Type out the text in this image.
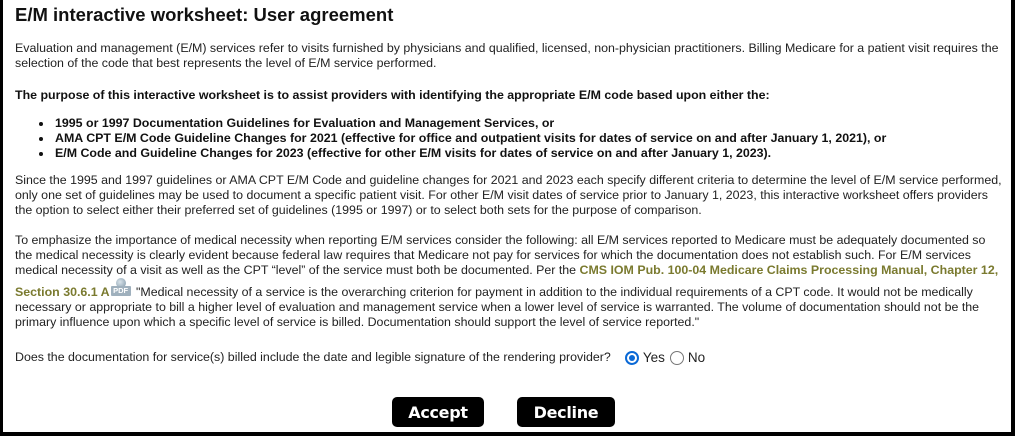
E/M interactive worksheet: User agreement

Evaluation and management (E/M) services refer to visits furnished by physicians and qualified, licensed, non-physician practitioners. Billing Medicare for a patient visit requires the selection of the code that best represents the level of E/M service performed.

The purpose of this interactive worksheet is to assist providers with identifying the appropriate E/M code based upon either the:

• 1995 or 1997 Documentation Guidelines for Evaluation and Management Services, or
• AMA CPT E/M Code Guideline Changes for 2021 (effective for office and outpatient visits for dates of service on and after January 1, 2021), or
• E/M Code and Guideline Changes for 2023 (effective for other E/M visits for dates of service on and after January 1, 2023).

Since the 1995 and 1997 guidelines or AMA CPT E/M Code and guideline changes for 2021 and 2023 each specify different criteria to determine the level of E/M service performed, only one set of guidelines may be used to document a specific patient visit. For other E/M visit dates of service prior to January 1, 2023, this interactive worksheet offers providers the option to select either their preferred set of guidelines (1995 or 1997) or to select both sets for the purpose of comparison.

To emphasize the importance of medical necessity when reporting E/M services consider the following: all E/M services reported to Medicare must be adequately documented so the medical necessity is clearly evident because federal law requires that Medicare not pay for services for which the documentation does not establish such. For E/M services medical necessity of a visit as well as the CPT “level” of the service must both be documented. Per the CMS IOM Pub. 100-04 Medicare Claims Processing Manual, Chapter 12, Section 30.6.1 A PDF "Medical necessity of a service is the overarching criterion for payment in addition to the individual requirements of a CPT code. It would not be medically necessary or appropriate to bill a higher level of evaluation and management service when a lower level of service is warranted. The volume of documentation should not be the primary influence upon which a specific level of service is billed. Documentation should support the level of service reported."

Does the documentation for service(s) billed include the date and legible signature of the rendering provider? Yes No
Accept	Decline
